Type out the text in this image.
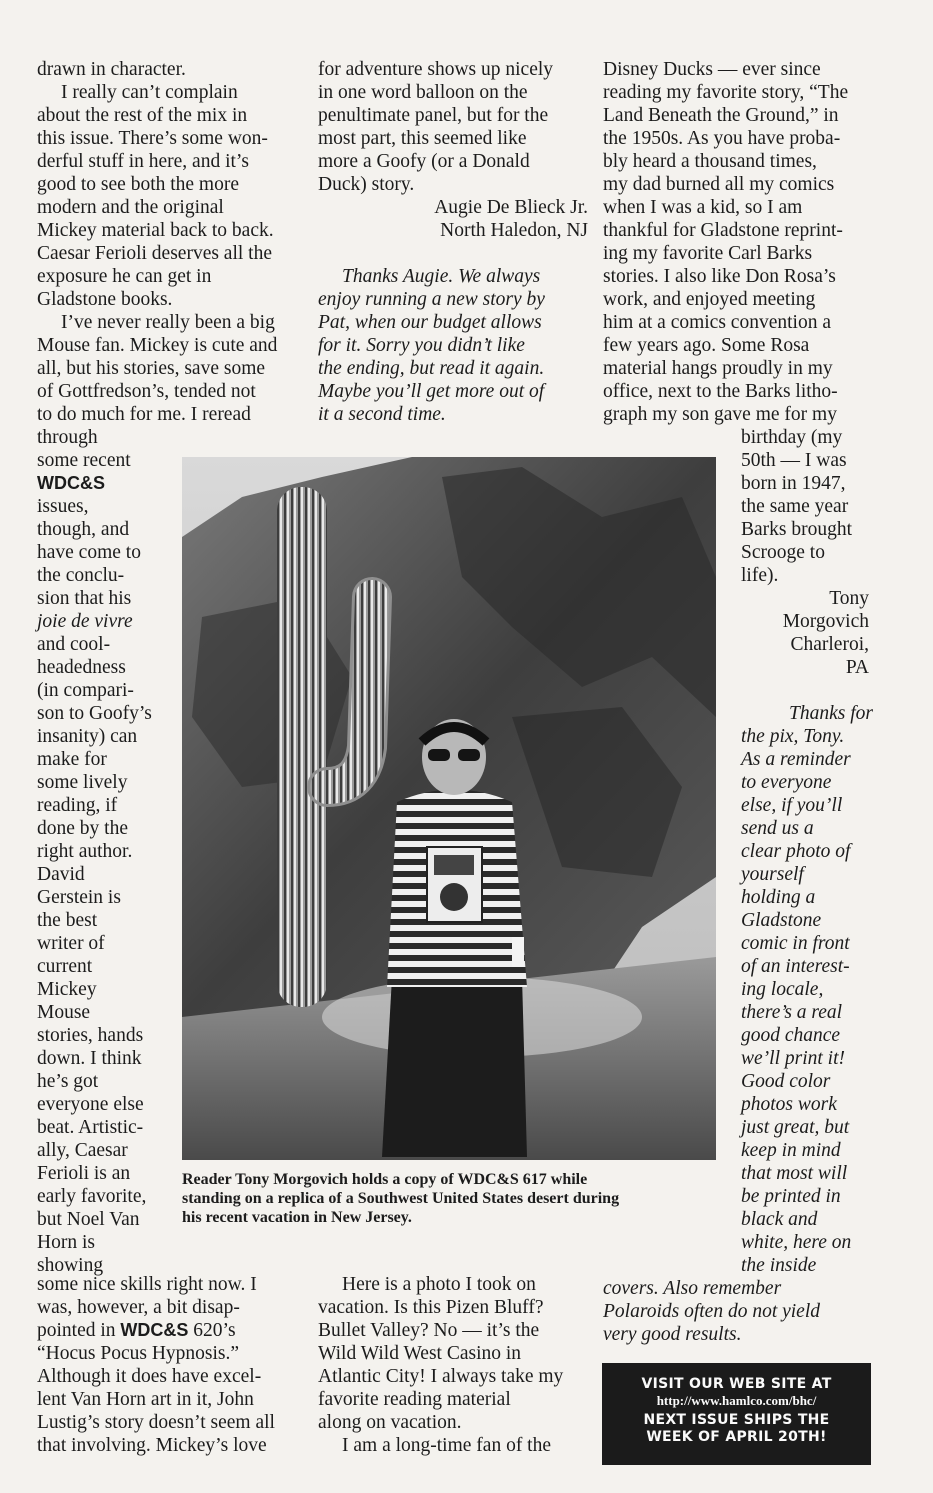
drawn in character.

I really can’t complain

about the rest of the mix in

this issue. There’s some won-

derful stuff in here, and it’s

good to see both the more

modern and the original

Mickey material back to back.

Caesar Ferioli deserves all the

exposure he can get in

Gladstone books.

I’ve never really been a big

Mouse fan. Mickey is cute and

all, but his stories, save some

of Gottfredson’s, tended not

to do much for me. I reread

through

some recent

WDC&S

issues,

though, and

have come to

the conclu-

sion that his

joie de vivre

and cool-

headedness

(in compari-

son to Goofy’s

insanity) can

make for

some lively

reading, if

done by the

right author.

David

Gerstein is

the best

writer of

current

Mickey

Mouse

stories, hands

down. I think

he’s got

everyone else

beat. Artistic-

ally, Caesar

Ferioli is an

early favorite,

but Noel Van

Horn is

showing

some nice skills right now. I

was, however, a bit disap-

pointed in WDC&S 620’s

“Hocus Pocus Hypnosis.”

Although it does have excel-

lent Van Horn art in it, John

Lustig’s story doesn’t seem all

that involving. Mickey’s love

for adventure shows up nicely

in one word balloon on the

penultimate panel, but for the

most part, this seemed like

more a Goofy (or a Donald

Duck) story.

Augie De Blieck Jr.

North Haledon, NJ

Thanks Augie. We always

enjoy running a new story by

Pat, when our budget allows

for it. Sorry you didn’t like

the ending, but read it again.

Maybe you’ll get more out of

it a second time.

Here is a photo I took on

vacation. Is this Pizen Bluff?

Bullet Valley? No — it’s the

Wild Wild West Casino in

Atlantic City! I always take my

favorite reading material

along on vacation.

I am a long-time fan of the

Disney Ducks — ever since

reading my favorite story, “The

Land Beneath the Ground,” in

the 1950s. As you have proba-

bly heard a thousand times,

my dad burned all my comics

when I was a kid, so I am

thankful for Gladstone reprint-

ing my favorite Carl Barks

stories. I also like Don Rosa’s

work, and enjoyed meeting

him at a comics convention a

few years ago. Some Rosa

material hangs proudly in my

office, next to the Barks litho-

graph my son gave me for my

birthday (my

50th — I was

born in 1947,

the same year

Barks brought

Scrooge to

life).

Tony

Morgovich

Charleroi,

PA

Thanks for

the pix, Tony.

As a reminder

to everyone

else, if you’ll

send us a

clear photo of

yourself

holding a

Gladstone

comic in front

of an interest-

ing locale,

there’s a real

good chance

we’ll print it!

Good color

photos work

just great, but

keep in mind

that most will

be printed in

black and

white, here on

the inside

covers. Also remember

Polaroids often do not yield

very good results.

Reader Tony Morgovich holds a copy of WDC&S 617 while
standing on a replica of a Southwest United States desert during
his recent vacation in New Jersey.

VISIT OUR WEB SITE AT
http://www.hamlco.com/bhc/
NEXT ISSUE SHIPS THE
WEEK OF APRIL 20TH!
